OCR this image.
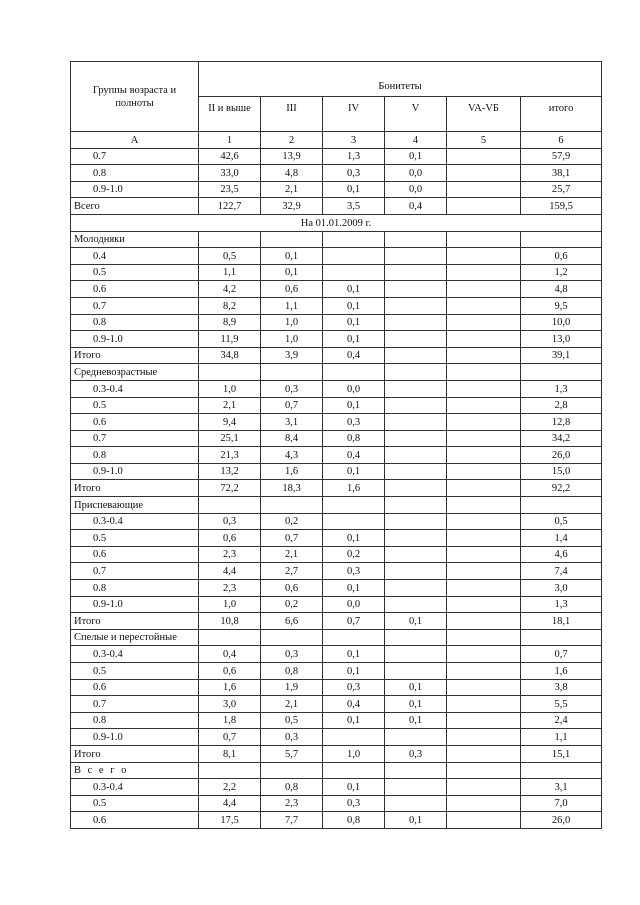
Группы возраста и полноты	Бонитеты					
	II и выше	III	IV	V	VA-VБ	итого
А	1	2	3	4	5	6
0.7	42,6	13,9	1,3	0,1		57,9
0.8	33,0	4,8	0,3	0,0		38,1
0.9-1.0	23,5	2,1	0,1	0,0		25,7
Всего	122,7	32,9	3,5	0,4		159,5
На 01.01.2009 г.						
Молодняки						
0.4	0,5	0,1				0,6
0.5	1,1	0,1				1,2
0.6	4,2	0,6	0,1			4,8
0.7	8,2	1,1	0,1			9,5
0.8	8,9	1,0	0,1			10,0
0.9-1.0	11,9	1,0	0,1			13,0
Итого	34,8	3,9	0,4			39,1
Средневозрастные						
0.3-0.4	1,0	0,3	0,0			1,3
0.5	2,1	0,7	0,1			2,8
0.6	9,4	3,1	0,3			12,8
0.7	25,1	8,4	0,8			34,2
0.8	21,3	4,3	0,4			26,0
0.9-1.0	13,2	1,6	0,1			15,0
Итого	72,2	18,3	1,6			92,2
Приспевающие						
0.3-0.4	0,3	0,2				0,5
0.5	0,6	0,7	0,1			1,4
0.6	2,3	2,1	0,2			4,6
0.7	4,4	2,7	0,3			7,4
0.8	2,3	0,6	0,1			3,0
0.9-1.0	1,0	0,2	0,0			1,3
Итого	10,8	6,6	0,7	0,1		18,1
Спелые и перестойные						
0.3-0.4	0,4	0,3	0,1			0,7
0.5	0,6	0,8	0,1			1,6
0.6	1,6	1,9	0,3	0,1		3,8
0.7	3,0	2,1	0,4	0,1		5,5
0.8	1,8	0,5	0,1	0,1		2,4
0.9-1.0	0,7	0,3				1,1
Итого	8,1	5,7	1,0	0,3		15,1
В с е г о						
0.3-0.4	2,2	0,8	0,1			3,1
0.5	4,4	2,3	0,3			7,0
0.6	17,5	7,7	0,8	0,1		26,0
